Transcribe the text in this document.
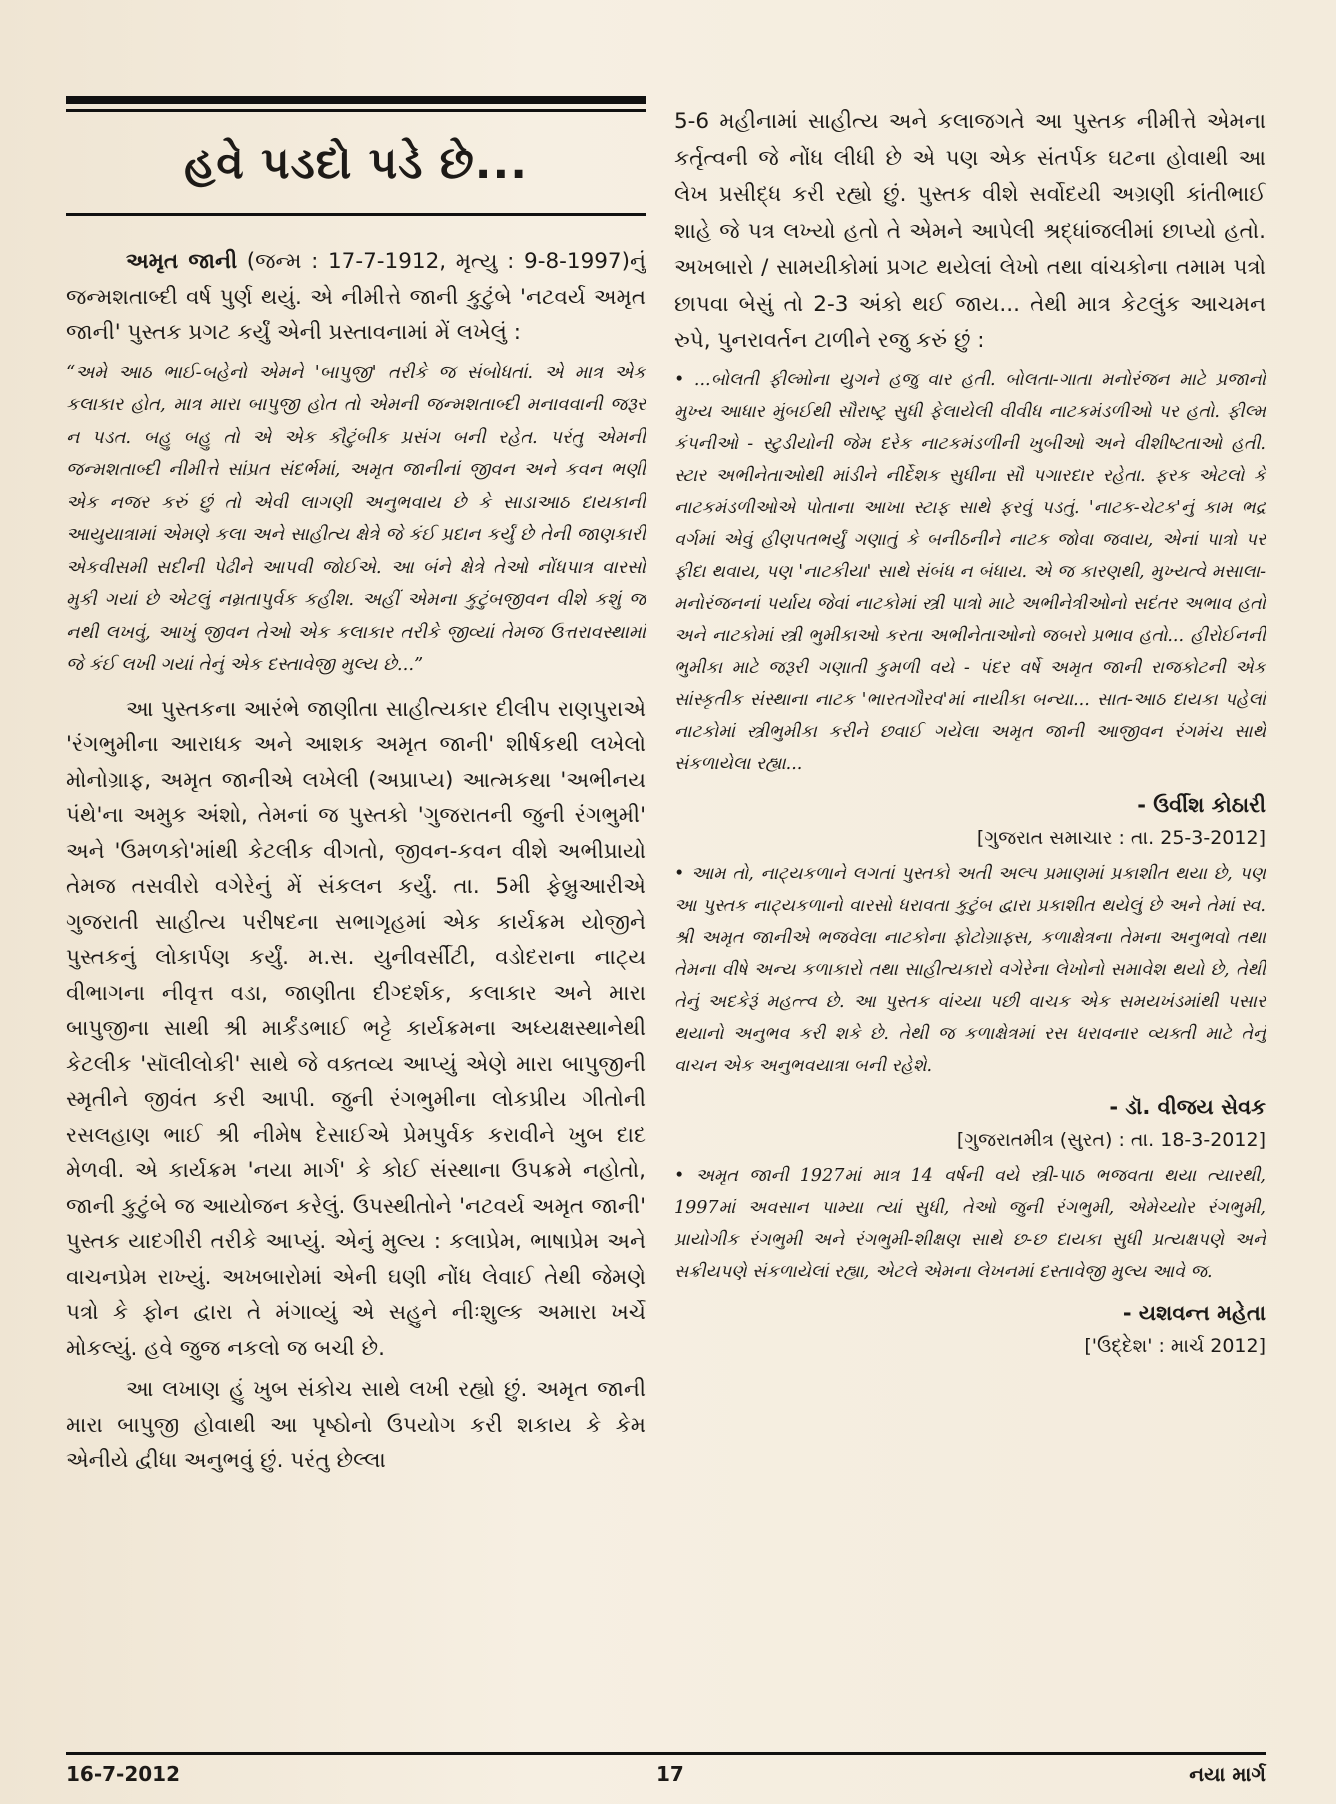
હવે પડદો પડે છે...

અમૃત જાની (જન્મ : 17-7-1912, મૃત્યુ : 9-8-1997)નું જન્મશતાબ્દી વર્ષ પુર્ણ થયું. એ નીમીત્તે જાની કુટુંબે 'નટવર્ય અમૃત જાની' પુસ્તક પ્રગટ કર્યું એની પ્રસ્તાવનામાં મેં લખેલું :

“અમે આઠ ભાઈ-બહેનો એમને 'બાપુજી' તરીકે જ સંબોધતાં. એ માત્ર એક કલાકાર હોત, માત્ર મારા બાપુજી હોત તો એમની જન્મશતાબ્દી મનાવવાની જરૂર ન પડત. બહુ બહુ તો એ એક કૌટુંબીક પ્રસંગ બની રહેત. પરંતુ એમની જન્મશતાબ્દી નીમીત્તે સાંપ્રત સંદર્ભમાં, અમૃત જાનીનાં જીવન અને કવન ભણી એક નજર કરું છું તો એવી લાગણી અનુભવાય છે કે સાડાઆઠ દાયકાની આયુયાત્રામાં એમણે કલા અને સાહીત્ય ક્ષેત્રે જે કંઈ પ્રદાન કર્યું છે તેની જાણકારી એકવીસમી સદીની પેઢીને આપવી જોઈએ. આ બંને ક્ષેત્રે તેઓ નોંધપાત્ર વારસો મુકી ગયાં છે એટલું નમ્રતાપુર્વક કહીશ. અહીં એમના કુટુંબજીવન વીશે કશું જ નથી લખવું, આખું જીવન તેઓ એક કલાકાર તરીકે જીવ્યાં તેમજ ઉત્તરાવસ્થામાં જે કંઈ લખી ગયાં તેનું એક દસ્તાવેજી મુલ્ય છે...”

આ પુસ્તકના આરંભે જાણીતા સાહીત્યકાર દીલીપ રાણપુરાએ 'રંગભુમીના આરાધક અને આશક અમૃત જાની' શીર્ષકથી લખેલો મોનોગ્રાફ, અમૃત જાનીએ લખેલી (અપ્રાપ્ય) આત્મકથા 'અભીનય પંથે'ના અમુક અંશો, તેમનાં જ પુસ્તકો 'ગુજરાતની જુની રંગભુમી' અને 'ઉમળકો'માંથી કેટલીક વીગતો, જીવન-કવન વીશે અભીપ્રાયો તેમજ તસવીરો વગેરેનું મેં સંકલન કર્યું. તા. 5મી ફેબ્રુઆરીએ ગુજરાતી સાહીત્ય પરીષદના સભાગૃહમાં એક કાર્યક્રમ યોજીને પુસ્તકનું લોકાર્પણ કર્યું. મ.સ. યુનીવર્સીટી, વડોદરાના નાટ્ય વીભાગના નીવૃત્ત વડા, જાણીતા દીગ્દર્શક, કલાકાર અને મારા બાપુજીના સાથી શ્રી માર્કંડભાઈ ભટ્ટે કાર્યક્રમના અધ્યક્ષસ્થાનેથી કેટલીક 'સૉલીલોકી' સાથે જે વક્તવ્ય આપ્યું એણે મારા બાપુજીની સ્મૃતીને જીવંત કરી આપી. જુની રંગભુમીના લોકપ્રીય ગીતોની રસલહાણ ભાઈ શ્રી નીમેષ દેસાઈએ પ્રેમપુર્વક કરાવીને ખુબ દાદ મેળવી. એ કાર્યક્રમ 'નયા માર્ગ' કે કોઈ સંસ્થાના ઉપક્રમે નહોતો, જાની કુટુંબે જ આયોજન કરેલું. ઉપસ્થીતોને 'નટવર્ય અમૃત જાની' પુસ્તક યાદગીરી તરીકે આપ્યું. એનું મુલ્ય : કલાપ્રેમ, ભાષાપ્રેમ અને વાચનપ્રેમ રાખ્યું. અખબારોમાં એની ઘણી નોંધ લેવાઈ તેથી જેમણે પત્રો કે ફોન દ્વારા તે મંગાવ્યું એ સહુને નીઃશુલ્ક અમારા ખર્ચે મોકલ્યું. હવે જુજ નકલો જ બચી છે.

આ લખાણ હું ખુબ સંકોચ સાથે લખી રહ્યો છું. અમૃત જાની મારા બાપુજી હોવાથી આ પૃષ્ઠોનો ઉપયોગ કરી શકાય કે કેમ એનીયે દ્વીધા અનુભવું છું. પરંતુ છેલ્લા

5-6 મહીનામાં સાહીત્ય અને કલાજગતે આ પુસ્તક નીમીત્તે એમના કર્તૃત્વની જે નોંધ લીધી છે એ પણ એક સંતર્પક ઘટના હોવાથી આ લેખ પ્રસીદ્ધ કરી રહ્યો છું. પુસ્તક વીશે સર્વોદયી અગ્રણી કાંતીભાઈ શાહે જે પત્ર લખ્યો હતો તે એમને આપેલી શ્રદ્ધાંજલીમાં છાપ્યો હતો. અખબારો / સામયીકોમાં પ્રગટ થયેલાં લેખો તથા વાંચકોના તમામ પત્રો છાપવા બેસું તો 2-3 અંકો થઈ જાય... તેથી માત્ર કેટલુંક આચમન રુપે, પુનરાવર્તન ટાળીને રજુ કરું છું :

• ...બોલતી ફીલ્મોના યુગને હજુ વાર હતી. બોલતા-ગાતા મનોરંજન માટે પ્રજાનો મુખ્ય આધાર મુંબઈથી સૌરાષ્ટ્ર સુધી ફેલાયેલી વીવીધ નાટકમંડળીઓ પર હતો. ફીલ્મ કંપનીઓ - સ્ટુડીયોની જેમ દરેક નાટકમંડળીની ખુબીઓ અને વીશીષ્ટતાઓ હતી. સ્ટાર અભીનેતાઓથી માંડીને નીર્દેશક સુધીના સૌ પગારદાર રહેતા. ફરક એટલો કે નાટકમંડળીઓએ પોતાના આખા સ્ટાફ સાથે ફરવું પડતું. 'નાટક-ચેટક'નું કામ ભદ્ર વર્ગમાં એવું હીણપતભર્યું ગણાતું કે બનીઠનીને નાટક જોવા જવાય, એનાં પાત્રો પર ફીદા થવાય, પણ 'નાટકીયા' સાથે સંબંધ ન બંધાય. એ જ કારણથી, મુખ્યત્વે મસાલા-મનોરંજનનાં પર્યાય જેવાં નાટકોમાં સ્ત્રી પાત્રો માટે અભીનેત્રીઓનો સદંતર અભાવ હતો અને નાટકોમાં સ્ત્રી ભુમીકાઓ કરતા અભીનેતાઓનો જબરો પ્રભાવ હતો... હીરોઈનની ભુમીકા માટે જરૂરી ગણાતી કુમળી વયે - પંદર વર્ષે અમૃત જાની રાજકોટની એક સાંસ્કૃતીક સંસ્થાના નાટક 'ભારતગૌરવ'માં નાયીકા બન્યા... સાત-આઠ દાયકા પહેલાં નાટકોમાં સ્ત્રીભુમીકા કરીને છવાઈ ગયેલા અમૃત જાની આજીવન રંગમંચ સાથે સંકળાયેલા રહ્યા...

- ઉર્વીશ કોઠારી
[ગુજરાત સમાચાર : તા. 25-3-2012]

• આમ તો, નાટ્યકળાને લગતાં પુસ્તકો અતી અલ્પ પ્રમાણમાં પ્રકાશીત થયા છે, પણ આ પુસ્તક નાટ્યકળાનો વારસો ધરાવતા કુટુંબ દ્વારા પ્રકાશીત થયેલું છે અને તેમાં સ્વ. શ્રી અમૃત જાનીએ ભજવેલા નાટકોના ફોટોગ્રાફ્સ, કળાક્ષેત્રના તેમના અનુભવો તથા તેમના વીષે અન્ય કળાકારો તથા સાહીત્યકારો વગેરેના લેખોનો સમાવેશ થયો છે, તેથી તેનું અદકેરૂં મહત્ત્વ છે. આ પુસ્તક વાંચ્યા પછી વાચક એક સમયખંડમાંથી પસાર થયાનો અનુભવ કરી શકે છે. તેથી જ કળાક્ષેત્રમાં રસ ધરાવનાર વ્યક્તી માટે તેનું વાચન એક અનુભવયાત્રા બની રહેશે.

- ડૉ. વીજય સેવક
[ગુજરાતમીત્ર (સુરત) : તા. 18-3-2012]

• અમૃત જાની 1927માં માત્ર 14 વર્ષની વયે સ્ત્રી-પાઠ ભજવતા થયા ત્યારથી, 1997માં અવસાન પામ્યા ત્યાં સુધી, તેઓ જુની રંગભુમી, એમેચ્યોર રંગભુમી, પ્રાયોગીક રંગભુમી અને રંગભુમી-શીક્ષણ સાથે છ-છ દાયકા સુધી પ્રત્યક્ષપણે અને સક્રીયપણે સંકળાયેલાં રહ્યા, એટલે એમના લેખનમાં દસ્તાવેજી મુલ્ય આવે જ.

- યશવન્ત મહેતા
['ઉદ્દેશ' : માર્ચ 2012]
16-7-2012	17	નયા માર્ગ
